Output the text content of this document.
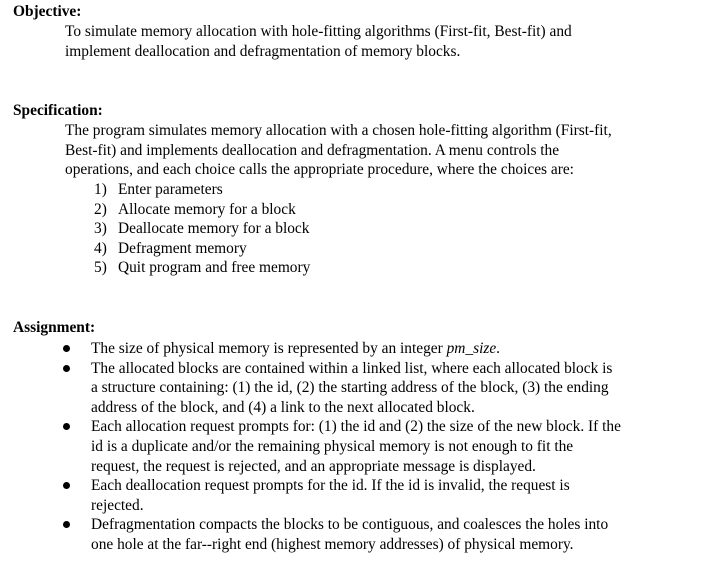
Objective:
To simulate memory allocation with hole-fitting algorithms (First-fit, Best-fit) and
implement deallocation and defragmentation of memory blocks.
Specification:
The program simulates memory allocation with a chosen hole-fitting algorithm (First-fit,
Best-fit) and implements deallocation and defragmentation. A menu controls the
operations, and each choice calls the appropriate procedure, where the choices are:
1) Enter parameters
2) Allocate memory for a block
3) Deallocate memory for a block
4) Defragment memory
5) Quit program and free memory
Assignment:
The size of physical memory is represented by an integer pm_size.
The allocated blocks are contained within a linked list, where each allocated block is
a structure containing: (1) the id, (2) the starting address of the block, (3) the ending
address of the block, and (4) a link to the next allocated block.
Each allocation request prompts for: (1) the id and (2) the size of the new block. If the
id is a duplicate and/or the remaining physical memory is not enough to fit the
request, the request is rejected, and an appropriate message is displayed.
Each deallocation request prompts for the id. If the id is invalid, the request is
rejected.
Defragmentation compacts the blocks to be contiguous, and coalesces the holes into
one hole at the far--right end (highest memory addresses) of physical memory.
